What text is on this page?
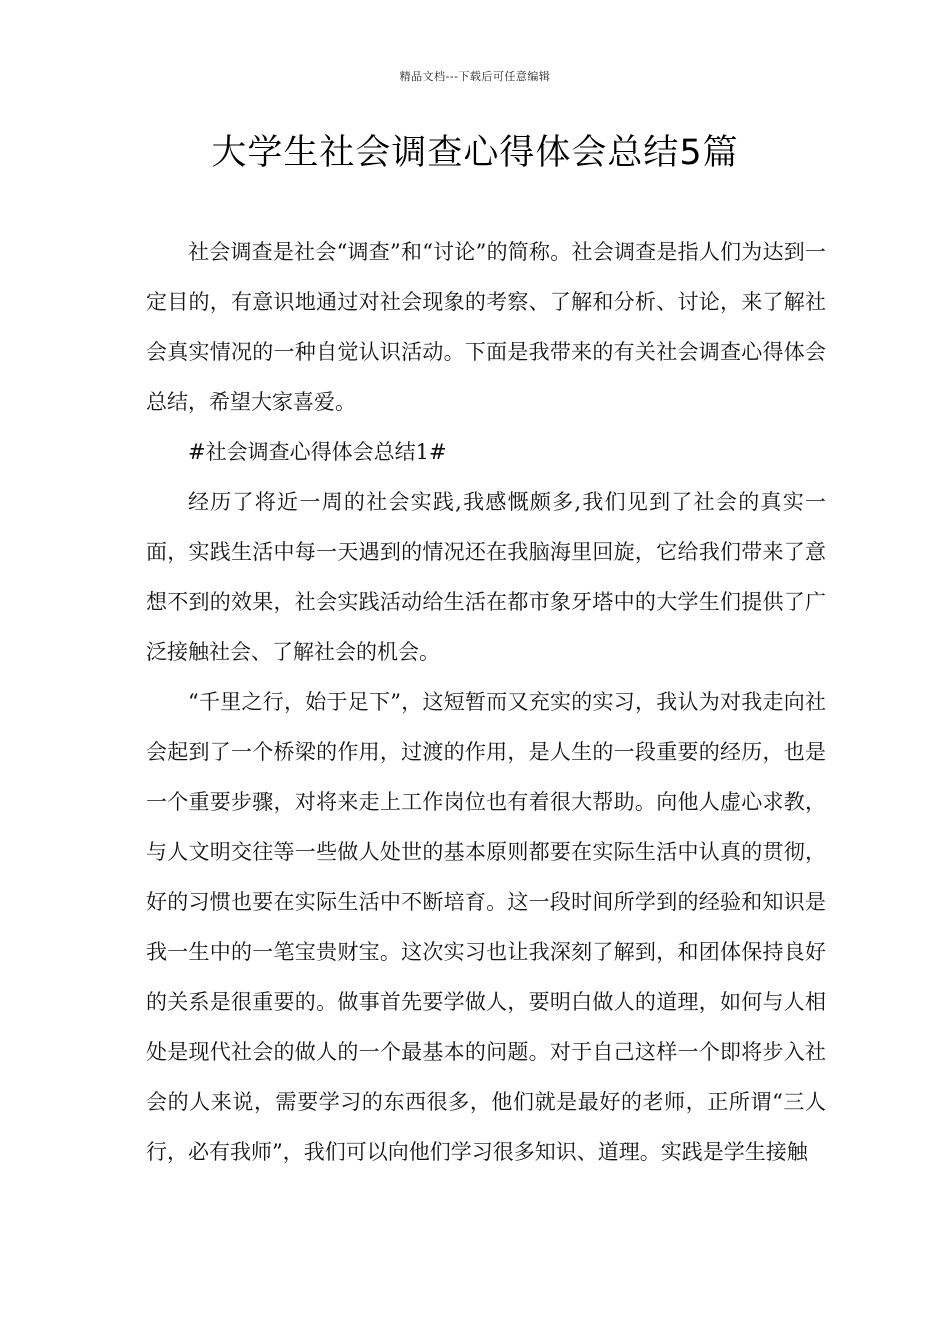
精品文档---下载后可任意编辑
大学生社会调查心得体会总结5篇

社会调查是社会“调查”和“讨论”的简称。社会调查是指人们为达到一定目的，有意识地通过对社会现象的考察、了解和分析、讨论，来了解社会真实情况的一种自觉认识活动。下面是我带来的有关社会调查心得体会总结，希望大家喜爱。

#社会调查心得体会总结1#

经历了将近一周的社会实践,我感慨颇多,我们见到了社会的真实一面，实践生活中每一天遇到的情况还在我脑海里回旋，它给我们带来了意想不到的效果，社会实践活动给生活在都市象牙塔中的大学生们提供了广泛接触社会、了解社会的机会。

“千里之行，始于足下”，这短暂而又充实的实习，我认为对我走向社会起到了一个桥梁的作用，过渡的作用，是人生的一段重要的经历，也是一个重要步骤，对将来走上工作岗位也有着很大帮助。向他人虚心求教，与人文明交往等一些做人处世的基本原则都要在实际生活中认真的贯彻，好的习惯也要在实际生活中不断培育。这一段时间所学到的经验和知识是我一生中的一笔宝贵财宝。这次实习也让我深刻了解到，和团体保持良好的关系是很重要的。做事首先要学做人，要明白做人的道理，如何与人相处是现代社会的做人的一个最基本的问题。对于自己这样一个即将步入社会的人来说，需要学习的东西很多，他们就是最好的老师，正所谓“三人行，必有我师”，我们可以向他们学习很多知识、道理。实践是学生接触
